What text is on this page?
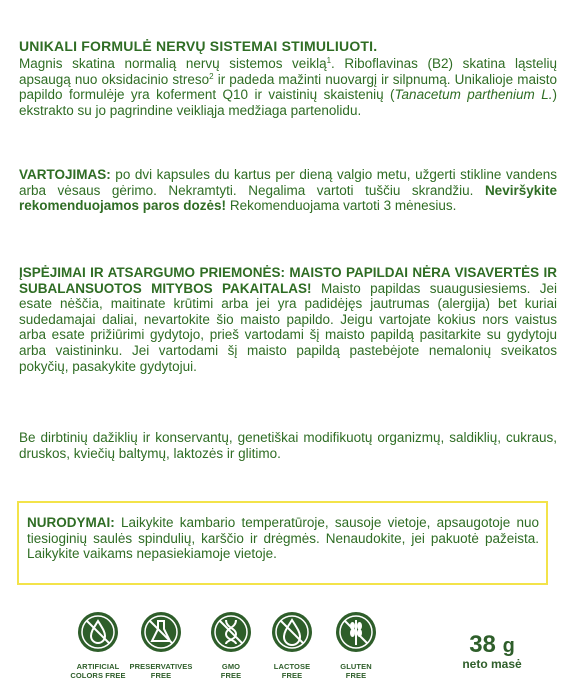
UNIKALI FORMULĖ NERVŲ SISTEMAI STIMULIUOTI.
Magnis skatina normalią nervų sistemos veiklą$^1$. Riboflavinas (B2) skatina ląstelių apsaugą nuo oksidacinio streso$^2$ ir padeda mažinti nuovargį ir silpnumą. Unikalioje maisto papildo formulėje yra koferment Q10 ir vaistinių skaistenių (Tanacetum parthenium L.) ekstrakto su jo pagrindine veikliąja medžiaga partenolidu.
VARTOJIMAS: po dvi kapsules du kartus per dieną valgio metu, užgerti stikline vandens arba vėsaus gėrimo. Nekramtyti. Negalima vartoti tuščiu skrandžiu. Neviršykite rekomenduojamos paros dozės! Rekomenduojama vartoti 3 mėnesius.
ĮSPĖJIMAI IR ATSARGUMO PRIEMONĖS: MAISTO PAPILDAI NĖRA VISAVERTĖS IR SUBALANSUOTOS MITYBOS PAKAITALAS! Maisto papildas suaugusiesiems. Jei esate nėščia, maitinate krūtimi arba jei yra padidėjęs jautrumas (alergija) bet kuriai sudedamajai daliai, nevartokite šio maisto papildo. Jeigu vartojate kokius nors vaistus arba esate prižiūrimi gydytojo, prieš vartodami šį maisto papildą pasitarkite su gydytoju arba vaistininku. Jei vartodami šį maisto papildą pastebėjote nemalonių sveikatos pokyčių, pasakykite gydytojui.
Be dirbtinių dažiklių ir konservantų, genetiškai modifikuotų organizmų, saldiklių, cukraus, druskos, kviečių baltymų, laktozės ir glitimo.
NURODYMAI: Laikykite kambario temperatūroje, sausoje vietoje, apsaugotoje nuo tiesioginių saulės spindulių, karščio ir drėgmės. Nenaudokite, jei pakuotė pažeista. Laikykite vaikams nepasiekiamoje vietoje.
ARTIFICIAL
COLORS FREE
PRESERVATIVES
FREE
GMO
FREE
LACTOSE
FREE
GLUTEN
FREE
38 g
neto masė
